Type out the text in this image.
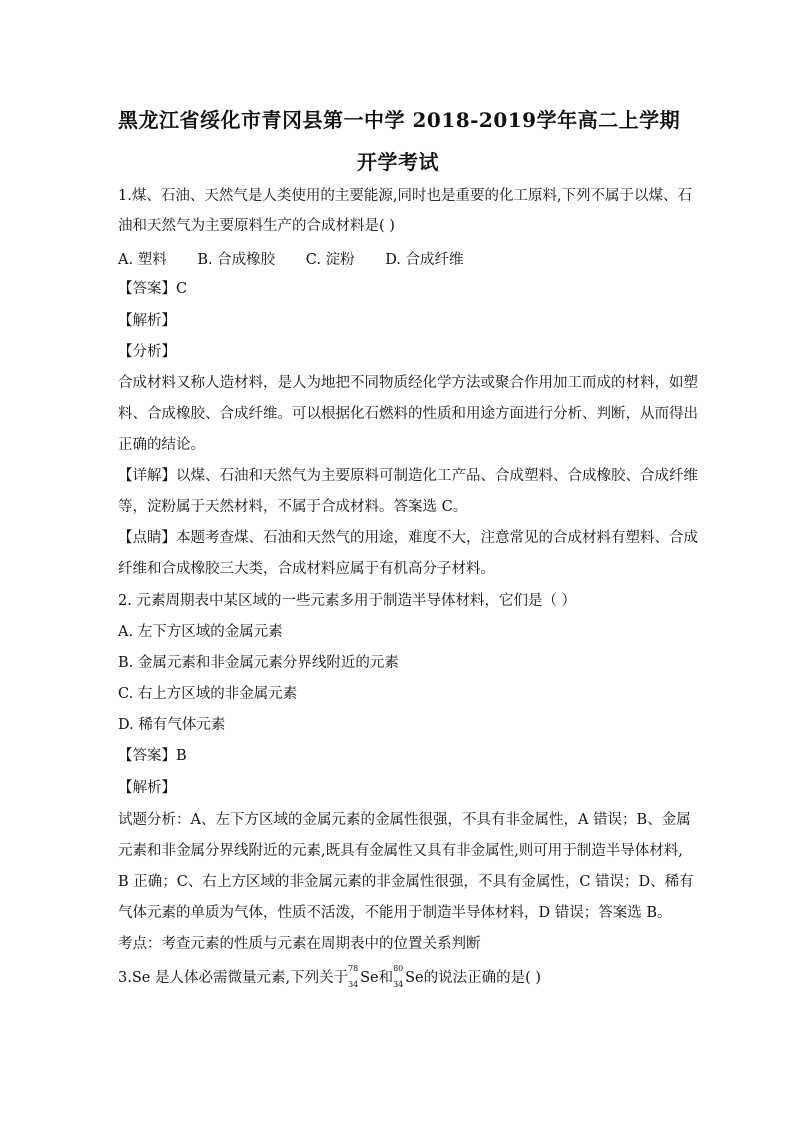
黑龙江省绥化市青冈县第一中学 2018-2019学年高二上学期
开学考试
1.煤、石油、天然气是人类使用的主要能源,同时也是重要的化工原料,下列不属于以煤、石
油和天然气为主要原料生产的合成材料是( )
A. 塑料 B. 合成橡胶 C. 淀粉 D. 合成纤维
【答案】C
【解析】
【分析】
合成材料又称人造材料，是人为地把不同物质经化学方法或聚合作用加工而成的材料，如塑
料、合成橡胶、合成纤维。可以根据化石燃料的性质和用途方面进行分析、判断，从而得出
正确的结论。
【详解】以煤、石油和天然气为主要原料可制造化工产品、合成塑料、合成橡胶、合成纤维
等，淀粉属于天然材料，不属于合成材料。答案选 C。
【点睛】本题考查煤、石油和天然气的用途，难度不大，注意常见的合成材料有塑料、合成
纤维和合成橡胶三大类，合成材料应属于有机高分子材料。
2. 元素周期表中某区域的一些元素多用于制造半导体材料，它们是（ ）
A. 左下方区域的金属元素
B. 金属元素和非金属元素分界线附近的元素
C. 右上方区域的非金属元素
D. 稀有气体元素
【答案】B
【解析】
试题分析：A、左下方区域的金属元素的金属性很强，不具有非金属性，A 错误；B、金属
元素和非金属分界线附近的元素,既具有金属性又具有非金属性,则可用于制造半导体材料,
B 正确；C、右上方区域的非金属元素的非金属性很强，不具有金属性，C 错误；D、稀有
气体元素的单质为气体，性质不活泼，不能用于制造半导体材料，D 错误；答案选 B。
考点：考查元素的性质与元素在周期表中的位置关系判断
3.Se 是人体必需微量元素,下列关于
78
34 Se和
80
34 Se的说法正确的是( )
